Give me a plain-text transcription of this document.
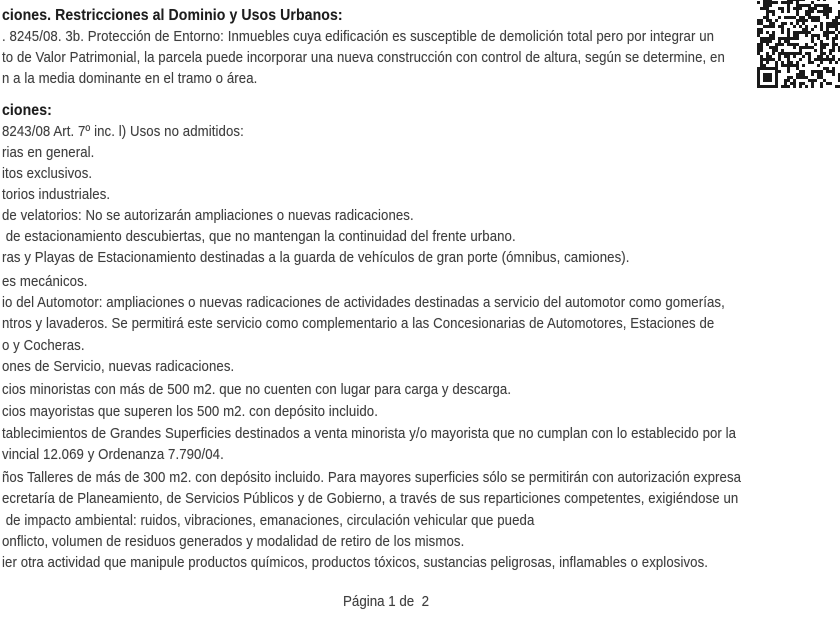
ciones. Restricciones al Dominio y Usos Urbanos:
. 8245/08. 3b. Protección de Entorno: Inmuebles cuya edificación es susceptible de demolición total pero por integrar un
to de Valor Patrimonial, la parcela puede incorporar una nueva construcción con control de altura, según se determine, en
n a la media dominante en el tramo o área.
ciones:
8243/08 Art. 7º inc. l) Usos no admitidos:
rias en general.
itos exclusivos.
torios industriales.
de velatorios: No se autorizarán ampliaciones o nuevas radicaciones.
de estacionamiento descubiertas, que no mantengan la continuidad del frente urbano.
ras y Playas de Estacionamiento destinadas a la guarda de vehículos de gran porte (ómnibus, camiones).
es mecánicos.
io del Automotor: ampliaciones o nuevas radicaciones de actividades destinadas a servicio del automotor como gomerías,
ntros y lavaderos. Se permitirá este servicio como complementario a las Concesionarias de Automotores, Estaciones de
o y Cocheras.
ones de Servicio, nuevas radicaciones.
cios minoristas con más de 500 m2. que no cuenten con lugar para carga y descarga.
cios mayoristas que superen los 500 m2. con depósito incluido.
tablecimientos de Grandes Superficies destinados a venta minorista y/o mayorista que no cumplan con lo establecido por la
vincial 12.069 y Ordenanza 7.790/04.
ños Talleres de más de 300 m2. con depósito incluido. Para mayores superficies sólo se permitirán con autorización expresa
ecretaría de Planeamiento, de Servicios Públicos y de Gobierno, a través de sus reparticiones competentes, exigiéndose un
de impacto ambiental: ruidos, vibraciones, emanaciones, circulación vehicular que pueda
onflicto, volumen de residuos generados y modalidad de retiro de los mismos.
ier otra actividad que manipule productos químicos, productos tóxicos, sustancias peligrosas, inflamables o explosivos.
Página 1 de  2
